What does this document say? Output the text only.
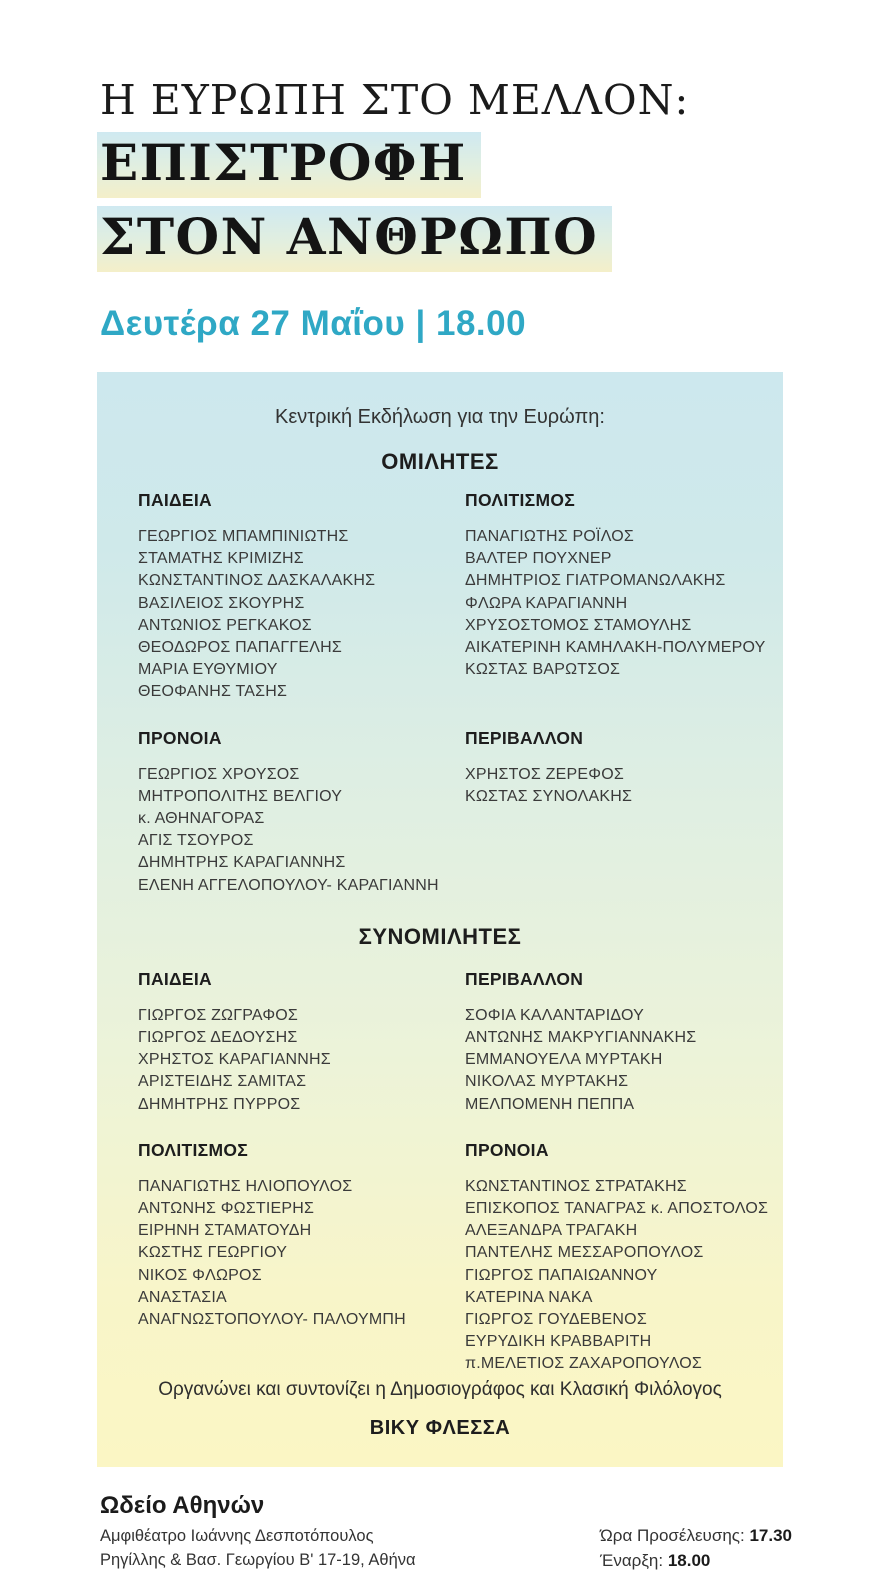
Η ΕΥΡΩΠΗ ΣΤΟ ΜΕΛΛΟΝ:
ΕΠΙΣΤΡΟΦΗ
ΣΤΟΝ ΑΝΘΡΩΠΟ
Δευτέρα 27 Μαΐου | 18.00
Κεντρική Εκδήλωση για την Ευρώπη:
ΟΜΙΛΗΤΕΣ
ΠΑΙΔΕΙΑ
ΓΕΩΡΓΙΟΣ ΜΠΑΜΠΙΝΙΩΤΗΣ
ΣΤΑΜΑΤΗΣ ΚΡΙΜΙΖΗΣ
ΚΩΝΣΤΑΝΤΙΝΟΣ ΔΑΣΚΑΛΑΚΗΣ
ΒΑΣΙΛΕΙΟΣ ΣΚΟΥΡΗΣ
ΑΝΤΩΝΙΟΣ ΡΕΓΚΑΚΟΣ
ΘΕΟΔΩΡΟΣ ΠΑΠΑΓΓΕΛΗΣ
ΜΑΡΙΑ ΕΥΘΥΜΙΟΥ
ΘΕΟΦΑΝΗΣ ΤΑΣΗΣ
ΠΟΛΙΤΙΣΜΟΣ
ΠΑΝΑΓΙΩΤΗΣ ΡΟΪΛΟΣ
ΒΑΛΤΕΡ ΠΟΥΧΝΕΡ
ΔΗΜΗΤΡΙΟΣ ΓΙΑΤΡΟΜΑΝΩΛΑΚΗΣ
ΦΛΩΡΑ ΚΑΡΑΓΙΑΝΝΗ
ΧΡΥΣΟΣΤΟΜΟΣ ΣΤΑΜΟΥΛΗΣ
ΑΙΚΑΤΕΡΙΝΗ ΚΑΜΗΛΑΚΗ-ΠΟΛΥΜΕΡΟΥ
ΚΩΣΤΑΣ ΒΑΡΩΤΣΟΣ
ΠΡΟΝΟΙΑ
ΓΕΩΡΓΙΟΣ ΧΡΟΥΣΟΣ
ΜΗΤΡΟΠΟΛΙΤΗΣ ΒΕΛΓΙΟΥ
κ. ΑΘΗΝΑΓΟΡΑΣ
ΑΓΙΣ ΤΣΟΥΡΟΣ
ΔΗΜΗΤΡΗΣ ΚΑΡΑΓΙΑΝΝΗΣ
ΕΛΕΝΗ ΑΓΓΕΛΟΠΟΥΛΟΥ- ΚΑΡΑΓΙΑΝΝΗ
ΠΕΡΙΒΑΛΛΟΝ
ΧΡΗΣΤΟΣ ΖΕΡΕΦΟΣ
ΚΩΣΤΑΣ ΣΥΝΟΛΑΚΗΣ
ΣΥΝΟΜΙΛΗΤΕΣ
ΠΑΙΔΕΙΑ
ΓΙΩΡΓΟΣ ΖΩΓΡΑΦΟΣ
ΓΙΩΡΓΟΣ ΔΕΔΟΥΣΗΣ
ΧΡΗΣΤΟΣ ΚΑΡΑΓΙΑΝΝΗΣ
ΑΡΙΣΤΕΙΔΗΣ ΣΑΜΙΤΑΣ
ΔΗΜΗΤΡΗΣ ΠΥΡΡΟΣ
ΠΕΡΙΒΑΛΛΟΝ
ΣΟΦΙΑ ΚΑΛΑΝΤΑΡΙΔΟΥ
ΑΝΤΩΝΗΣ ΜΑΚΡΥΓΙΑΝΝΑΚΗΣ
ΕΜΜΑΝΟΥΕΛΑ ΜΥΡΤΑΚΗ
ΝΙΚΟΛΑΣ ΜΥΡΤΑΚΗΣ
ΜΕΛΠΟΜΕΝΗ ΠΕΠΠΑ
ΠΟΛΙΤΙΣΜΟΣ
ΠΑΝΑΓΙΩΤΗΣ ΗΛΙΟΠΟΥΛΟΣ
ΑΝΤΩΝΗΣ ΦΩΣΤΙΕΡΗΣ
ΕΙΡΗΝΗ ΣΤΑΜΑΤΟΥΔΗ
ΚΩΣΤΗΣ ΓΕΩΡΓΙΟΥ
ΝΙΚΟΣ ΦΛΩΡΟΣ
ΑΝΑΣΤΑΣΙΑ
ΑΝΑΓΝΩΣΤΟΠΟΥΛΟΥ- ΠΑΛΟΥΜΠΗ
ΠΡΟΝΟΙΑ
ΚΩΝΣΤΑΝΤΙΝΟΣ ΣΤΡΑΤΑΚΗΣ
ΕΠΙΣΚΟΠΟΣ ΤΑΝΑΓΡΑΣ κ. ΑΠΟΣΤΟΛΟΣ
ΑΛΕΞΑΝΔΡΑ ΤΡΑΓΑΚΗ
ΠΑΝΤΕΛΗΣ ΜΕΣΣΑΡΟΠΟΥΛΟΣ
ΓΙΩΡΓΟΣ ΠΑΠΑΙΩΑΝΝΟΥ
ΚΑΤΕΡΙΝΑ ΝΑΚΑ
ΓΙΩΡΓΟΣ ΓΟΥΔΕΒΕΝΟΣ
ΕΥΡΥΔΙΚΗ ΚΡΑΒΒΑΡΙΤΗ
π.ΜΕΛΕΤΙΟΣ ΖΑΧΑΡΟΠΟΥΛΟΣ
Οργανώνει και συντονίζει η Δημοσιογράφος και Κλασική Φιλόλογος
ΒΙΚΥ ΦΛΕΣΣΑ
Ωδείο Αθηνών
Αμφιθέατρο Ιωάννης Δεσποτόπουλος
Ρηγίλλης & Βασ. Γεωργίου Β' 17-19, Αθήνα
Ώρα Προσέλευσης: 17.30
Έναρξη: 18.00
